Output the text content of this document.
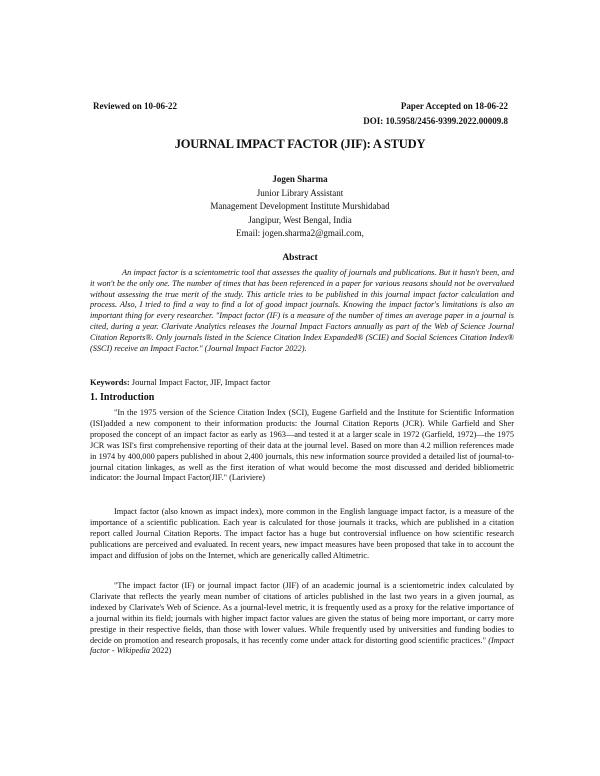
Reviewed on 10-06-22	Paper Accepted on 18-06-22
DOI: 10.5958/2456-9399.2022.00009.8
JOURNAL IMPACT FACTOR (JIF): A STUDY
Jogen Sharma
Junior Library Assistant
Management Development Institute Murshidabad
Jangipur, West Bengal, India
Email: jogen.sharma2@gmail.com,
Abstract

An impact factor is a scientometric tool that assesses the quality of journals and publications. But it hasn't been, and it won't be the only one. The number of times that has been referenced in a paper for various reasons should not be overvalued without assessing the true merit of the study. This article tries to be published in this journal impact factor calculation and process. Also, I tried to find a way to find a lot of good impact journals. Knowing the impact factor's limitations is also an important thing for every researcher. "Impact factor (IF) is a measure of the number of times an average paper in a journal is cited, during a year. Clarivate Analytics releases the Journal Impact Factors annually as part of the Web of Science Journal Citation Reports®. Only journals listed in the Science Citation Index Expanded® (SCIE) and Social Sciences Citation Index® (SSCI) receive an Impact Factor." (Journal Impact Factor 2022).

Keywords: Journal Impact Factor, JIF, Impact factor
1. Introduction

"In the 1975 version of the Science Citation Index (SCI), Eugene Garfield and the Institute for Scientific Information (ISI)added a new component to their information products: the Journal Citation Reports (JCR). While Garfield and Sher proposed the concept of an impact factor as early as 1963—and tested it at a larger scale in 1972 (Garfield, 1972)—the 1975 JCR was ISI's first comprehensive reporting of their data at the journal level. Based on more than 4.2 million references made in 1974 by 400,000 papers published in about 2,400 journals, this new information source provided a detailed list of journal-to-journal citation linkages, as well as the first iteration of what would become the most discussed and derided bibliometric indicator: the Journal Impact Factor(JIF." (Lariviere)

Impact factor (also known as impact index), more common in the English language impact factor, is a measure of the importance of a scientific publication. Each year is calculated for those journals it tracks, which are published in a citation report called Journal Citation Reports. The impact factor has a huge but controversial influence on how scientific research publications are perceived and evaluated. In recent years, new impact measures have been proposed that take in to account the impact and diffusion of jobs on the Internet, which are generically called Altimetric.

"The impact factor (IF) or journal impact factor (JIF) of an academic journal is a scientometric index calculated by Clarivate that reflects the yearly mean number of citations of articles published in the last two years in a given journal, as indexed by Clarivate's Web of Science. As a journal-level metric, it is frequently used as a proxy for the relative importance of a journal within its field; journals with higher impact factor values are given the status of being more important, or carry more prestige in their respective fields, than those with lower values. While frequently used by universities and funding bodies to decide on promotion and research proposals, it has recently come under attack for distorting good scientific practices." (Impact factor - Wikipedia 2022)
